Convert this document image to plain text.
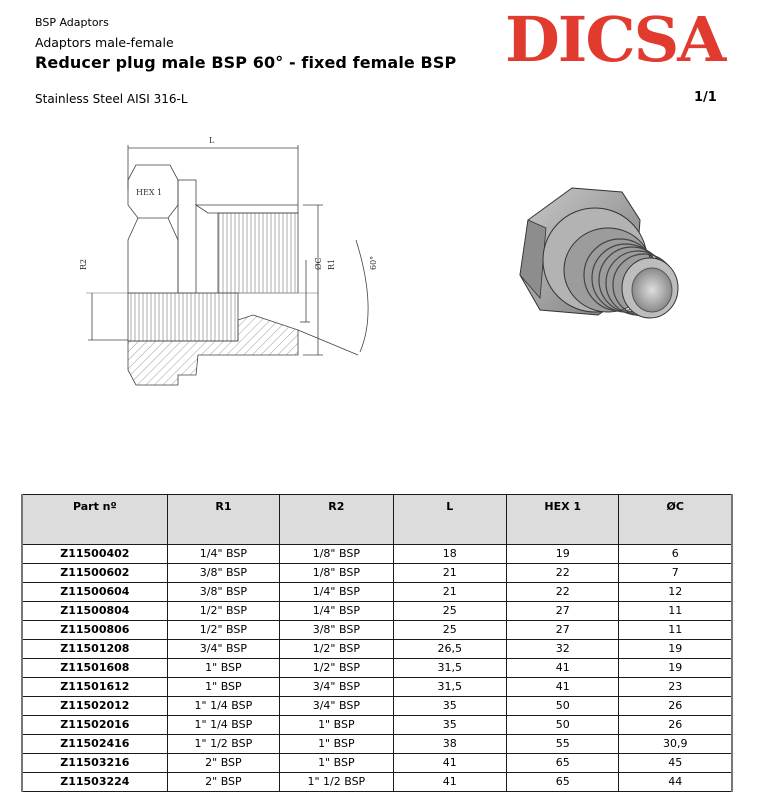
BSP Adaptors
Adaptors male-female
Reducer plug male BSP 60° - fixed female BSP
Stainless Steel AISI 316-L	1/1
DICSA
L
HEX 1
R2	ØC R1	60°
Part nº	R1	R2	L	HEX 1	ØC
Z11500402	1/4" BSP	1/8" BSP	18	19	6
Z11500602	3/8" BSP	1/8" BSP	21	22	7
Z11500604	3/8" BSP	1/4" BSP	21	22	12
Z11500804	1/2" BSP	1/4" BSP	25	27	11
Z11500806	1/2" BSP	3/8" BSP	25	27	11
Z11501208	3/4" BSP	1/2" BSP	26,5	32	19
Z11501608	1" BSP	1/2" BSP	31,5	41	19
Z11501612	1" BSP	3/4" BSP	31,5	41	23
Z11502012	1" 1/4 BSP	3/4" BSP	35	50	26
Z11502016	1" 1/4 BSP	1" BSP	35	50	26
Z11502416	1" 1/2 BSP	1" BSP	38	55	30,9
Z11503216	2" BSP	1" BSP	41	65	45
Z11503224	2" BSP	1" 1/2 BSP	41	65	44
